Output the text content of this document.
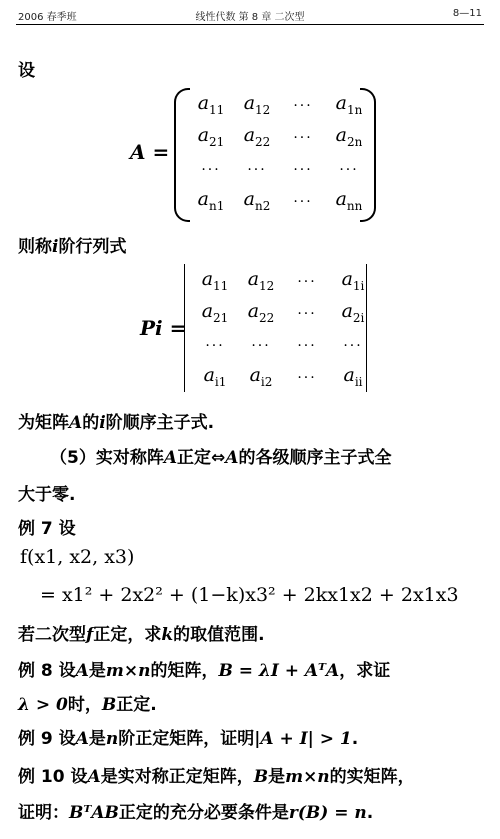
2006 春季班	线性代数 第 8 章 二次型	8—11
设
A =
$a_{11}$	$a_{12}$	···	$a_{1n}$
$a_{21}$	$a_{22}$	···	$a_{2n}$
···	···	···	···
$a_{n1}$	$a_{n2}$	···	$a_{nn}$
则称i阶行列式
Pi =
$a_{11}$	$a_{12}$	···	$a_{1i}$
$a_{21}$	$a_{22}$	···	$a_{2i}$
···	···	···	···
$a_{i1}$	$a_{i2}$	···	$a_{ii}$
为矩阵A的i阶顺序主子式.
（5）实对称阵A正定⇔A的各级顺序主子式全
大于零.
例 7 设
f(x1, x2, x3)
= x1² + 2x2² + (1−k)x3² + 2kx1x2 + 2x1x3
若二次型f正定，求k的取值范围.
例 8 设A是m×n的矩阵，B = λI + AᵀA，求证
λ > 0时，B正定.
例 9 设A是n阶正定矩阵，证明|A + I| > 1.
例 10 设A是实对称正定矩阵，B是m×n的实矩阵，
证明：BᵀAB正定的充分必要条件是r(B) = n.
